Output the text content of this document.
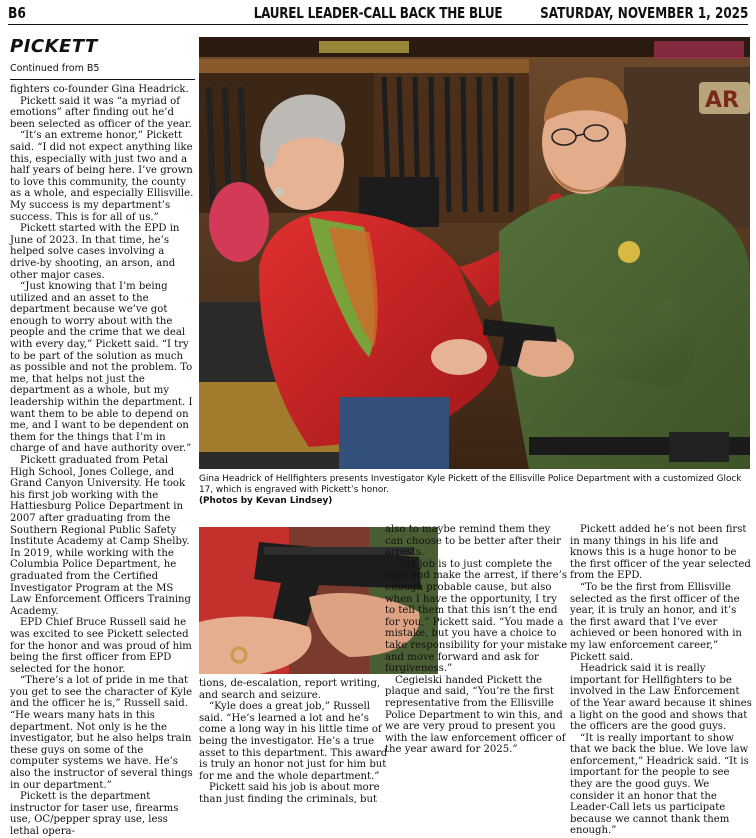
B6	LAUREL LEADER-CALL BACK THE BLUE	SATURDAY, NOVEMBER 1, 2025
PICKETT
Continued from B5

fighters co-founder Gina Headrick.

Pickett said it was “a myriad of emotions” after finding out he’d been selected as officer of the year.

“It’s an extreme honor,” Pickett said. “I did not expect anything like this, especially with just two and a half years of being here. I’ve grown to love this community, the county as a whole, and especially Ellisville. My success is my department’s success. This is for all of us.”

Pickett started with the EPD in June of 2023. In that time, he’s helped solve cases involving a drive-by shooting, an arson, and other major cases.

“Just knowing that I’m being utilized and an asset to the department because we’ve got enough to worry about with the people and the crime that we deal with every day,” Pickett said. “I try to be part of the solution as much as possible and not the problem. To me, that helps not just the department as a whole, but my leadership within the department. I want them to be able to depend on me, and I want to be dependent on them for the things that I’m in charge of and have authority over.”

Pickett graduated from Petal High School, Jones College, and Grand Canyon University. He took his first job working with the Hattiesburg Police Department in 2007 after graduating from the Southern Regional Public Safety Institute Academy at Camp Shelby. In 2019, while working with the Columbia Police Department, he graduated from the Certified Investigator Program at the MS Law Enforcement Officers Training Academy.

EPD Chief Bruce Russell said he was excited to see Pickett selected for the honor and was proud of him being the first officer from EPD selected for the honor.

“There’s a lot of pride in me that you get to see the character of Kyle and the officer he is,” Russell said. “He wears many hats in this department. Not only is he the investigator, but he also helps train these guys on some of the computer systems we have. He’s also the instructor of several things in our department.”

Pickett is the department instructor for taser use, firearms use, OC/pepper spray use, less lethal opera-

AR
Gina Headrick of Hellfighters presents Investigator Kyle Pickett of the Ellisville Police Department with a customized Glock 17, which is engraved with Pickett’s honor.
(Photos by Kevan Lindsey)

tions, de-escalation, report writing, and search and seizure.

“Kyle does a great job,” Russell said. “He’s learned a lot and he’s come a long way in his little time of being the investigator. He’s a true asset to this department. This award is truly an honor not just for him but for me and the whole department.”

Pickett said his job is about more than just finding the criminals, but

also to maybe remind them they can choose to be better after their arrests.

“My job is to just complete the case and make the arrest, if there’s enough probable cause, but also when I have the opportunity, I try to tell them that this isn’t the end for you,” Pickett said. “You made a mistake, but you have a choice to take responsibility for your mistake and move forward and ask for forgiveness.”

Cegielski handed Pickett the plaque and said, “You’re the first representative from the Ellisville Police Department to win this, and we are very proud to present you with the law enforcement officer of the year award for 2025.”

Pickett added he’s not been first in many things in his life and knows this is a huge honor to be the first officer of the year selected from the EPD.

“To be the first from Ellisville selected as the first officer of the year, it is truly an honor, and it’s the first award that I’ve ever achieved or been honored with in my law enforcement career,” Pickett said.

Headrick said it is really important for Hellfighters to be involved in the Law Enforcement of the Year award because it shines a light on the good and shows that the officers are the good guys.

“It is really important to show that we back the blue. We love law enforcement,” Headrick said. “It is important for the people to see they are the good guys. We consider it an honor that the Leader-Call lets us participate because we cannot thank them enough.”
